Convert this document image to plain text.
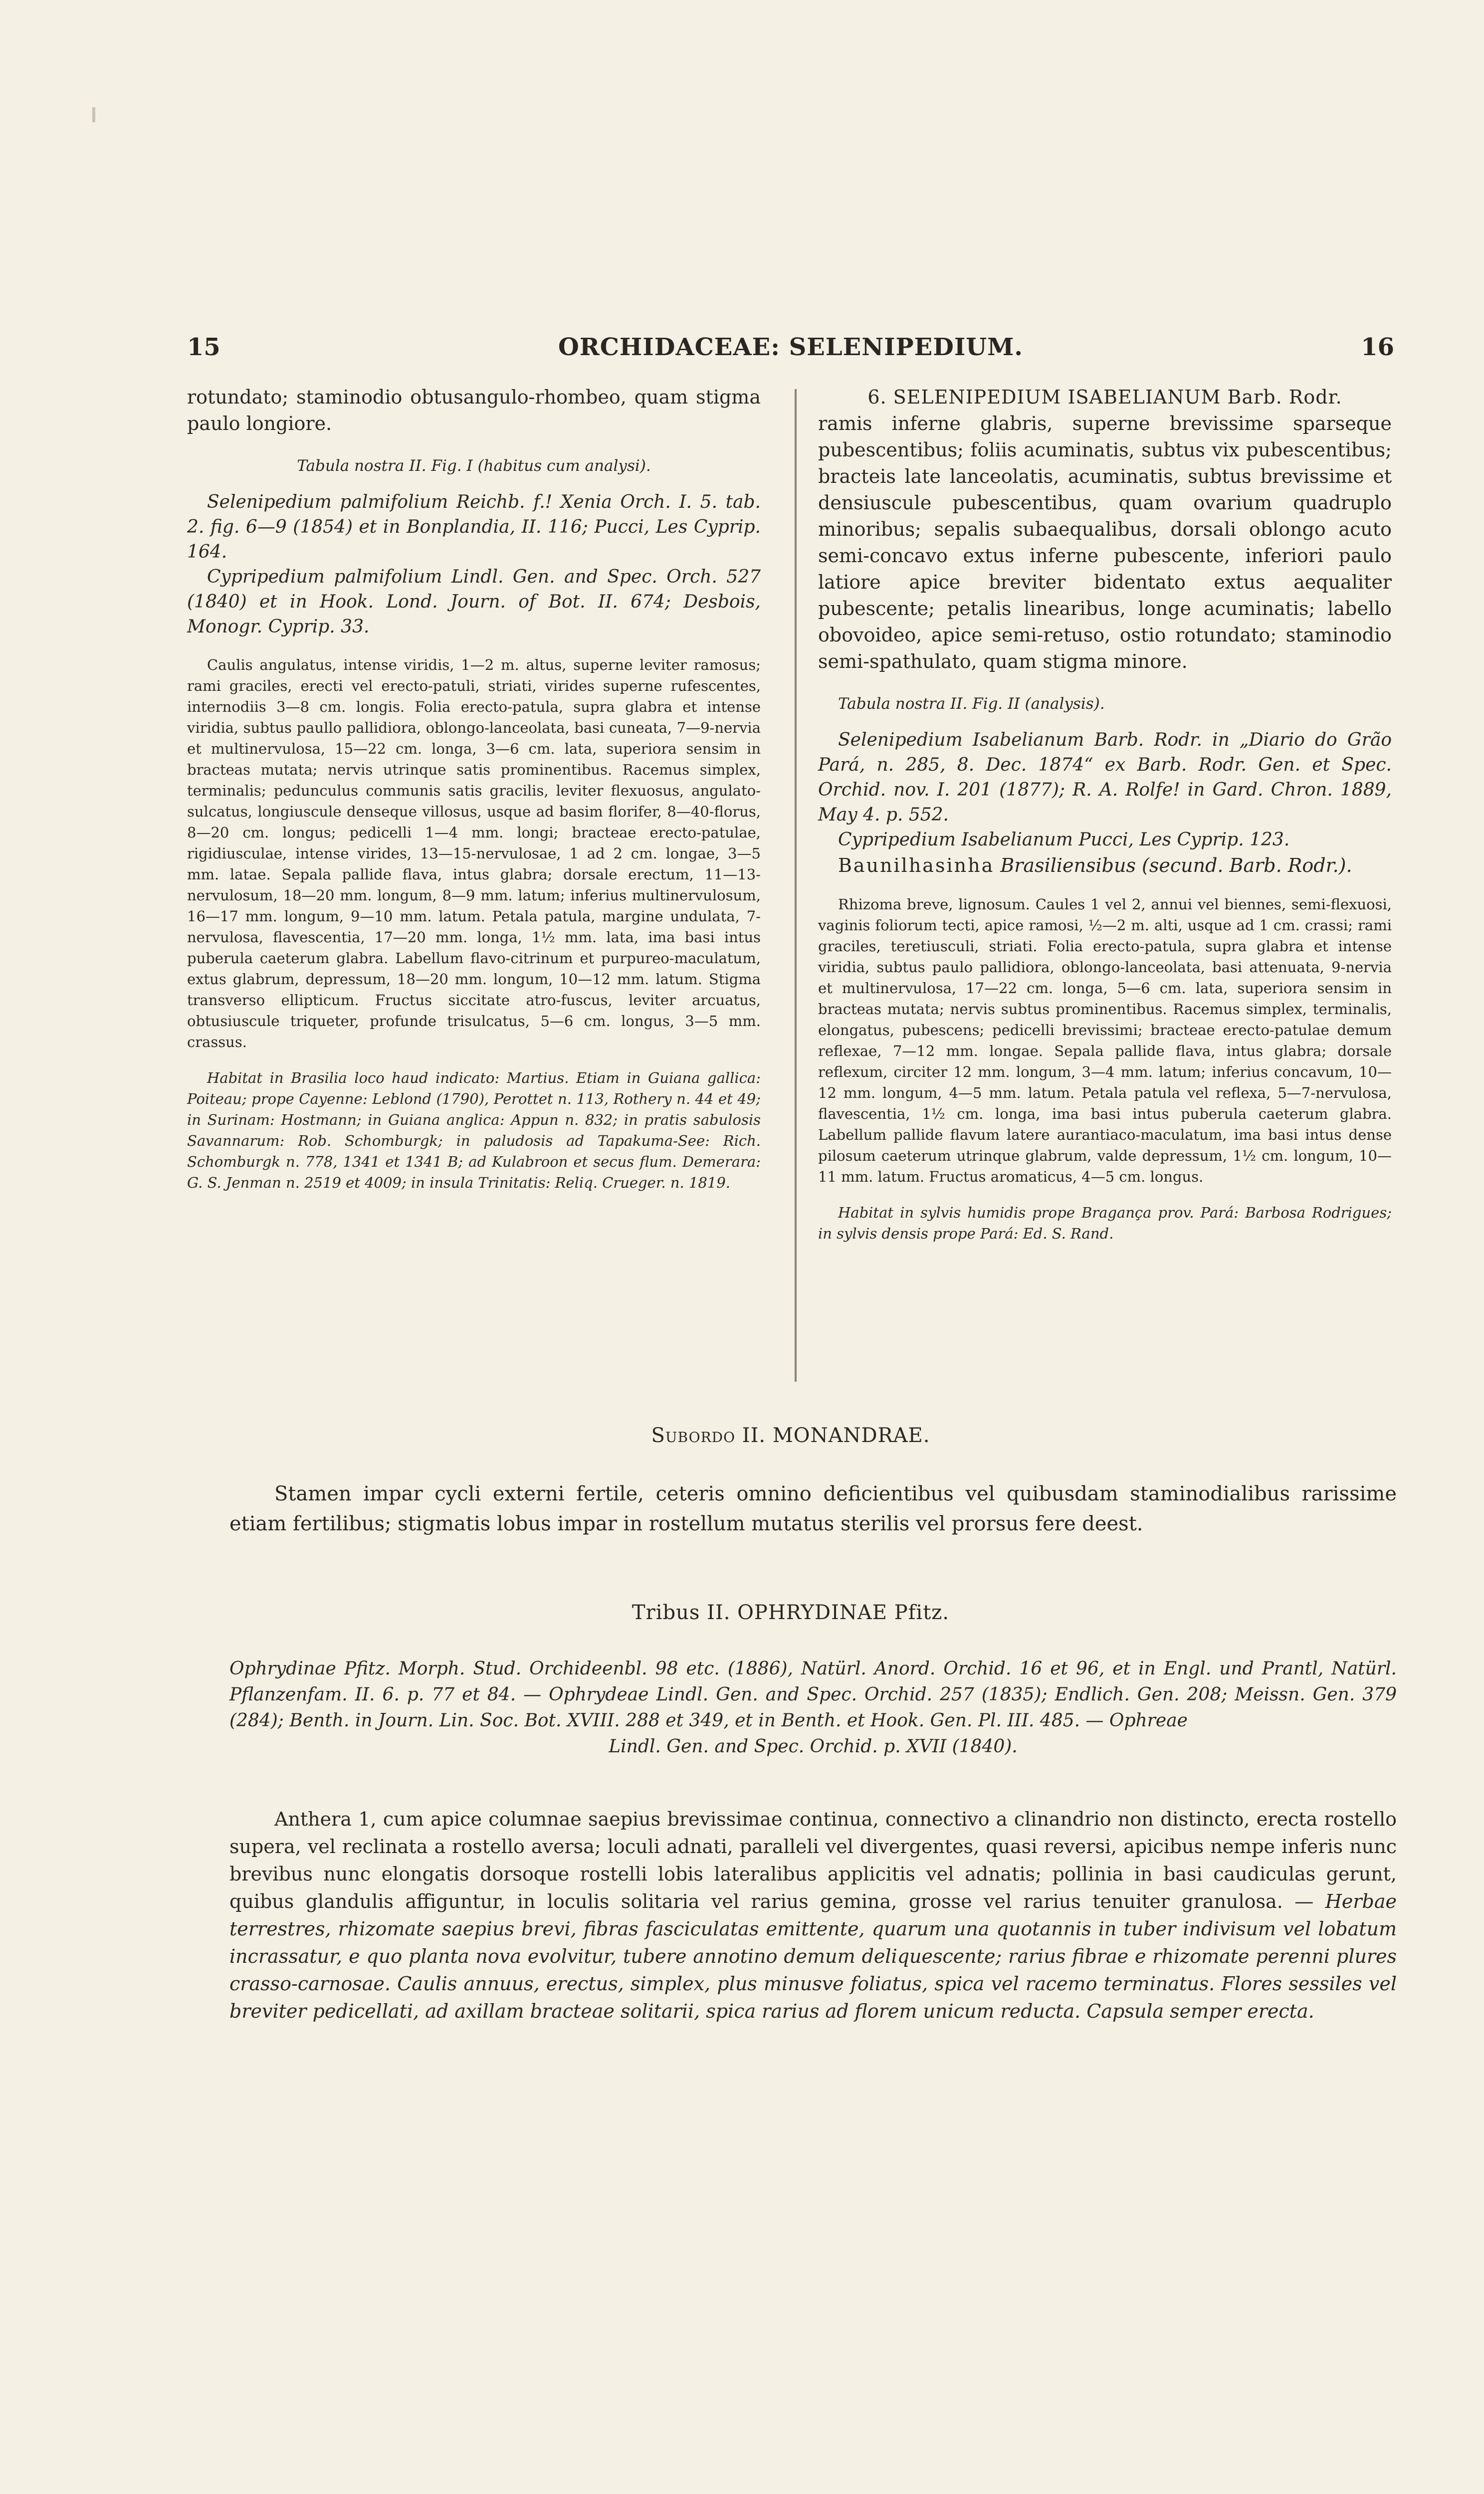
15	ORCHIDACEAE: SELENIPEDIUM.	16

rotundato; staminodio obtusangulo-rhombeo, quam stigma paulo longiore.

Tabula nostra II. Fig. I (habitus cum analysi).

Selenipedium palmifolium Reichb. f.! Xenia Orch. I. 5. tab. 2. fig. 6—9 (1854) et in Bonplandia, II. 116; Pucci, Les Cyprip. 164.

Cypripedium palmifolium Lindl. Gen. and Spec. Orch. 527 (1840) et in Hook. Lond. Journ. of Bot. II. 674; Desbois, Monogr. Cyprip. 33.

Caulis angulatus, intense viridis, 1—2 m. altus, superne leviter ramosus; rami graciles, erecti vel erecto-patuli, striati, virides superne rufescentes, internodiis 3—8 cm. longis. Folia erecto-patula, supra glabra et intense viridia, subtus paullo pallidiora, oblongo-lanceolata, basi cuneata, 7—9-nervia et multinervulosa, 15—22 cm. longa, 3—6 cm. lata, superiora sensim in bracteas mutata; nervis utrinque satis prominentibus. Racemus simplex, terminalis; pedunculus communis satis gracilis, leviter flexuosus, angulato-sulcatus, longiuscule denseque villosus, usque ad basim florifer, 8—40-florus, 8—20 cm. longus; pedicelli 1—4 mm. longi; bracteae erecto-patulae, rigidiusculae, intense virides, 13—15-nervulosae, 1 ad 2 cm. longae, 3—5 mm. latae. Sepala pallide flava, intus glabra; dorsale erectum, 11—13-nervulosum, 18—20 mm. longum, 8—9 mm. latum; inferius multinervulosum, 16—17 mm. longum, 9—10 mm. latum. Petala patula, margine undulata, 7-nervulosa, flavescentia, 17—20 mm. longa, 1½ mm. lata, ima basi intus puberula caeterum glabra. Labellum flavo-citrinum et purpureo-maculatum, extus glabrum, depressum, 18—20 mm. longum, 10—12 mm. latum. Stigma transverso ellipticum. Fructus siccitate atro-fuscus, leviter arcuatus, obtusiuscule triqueter, profunde trisulcatus, 5—6 cm. longus, 3—5 mm. crassus.

Habitat in Brasilia loco haud indicato: Martius. Etiam in Guiana gallica: Poiteau; prope Cayenne: Leblond (1790), Perottet n. 113, Rothery n. 44 et 49; in Surinam: Hostmann; in Guiana anglica: Appun n. 832; in pratis sabulosis Savannarum: Rob. Schomburgk; in paludosis ad Tapakuma-See: Rich. Schomburgk n. 778, 1341 et 1341 B; ad Kulabroon et secus flum. Demerara: G. S. Jenman n. 2519 et 4009; in insula Trinitatis: Reliq. Crueger. n. 1819.

6. SELENIPEDIUM ISABELIANUM Barb. Rodr.

ramis inferne glabris, superne brevissime sparseque pubescentibus; foliis acuminatis, subtus vix pubescentibus; bracteis late lanceolatis, acuminatis, subtus brevissime et densiuscule pubescentibus, quam ovarium quadruplo minoribus; sepalis subaequalibus, dorsali oblongo acuto semi-concavo extus inferne pubescente, inferiori paulo latiore apice breviter bidentato extus aequaliter pubescente; petalis linearibus, longe acuminatis; labello obovoideo, apice semi-retuso, ostio rotundato; staminodio semi-spathulato, quam stigma minore.

Tabula nostra II. Fig. II (analysis).

Selenipedium Isabelianum Barb. Rodr. in „Diario do Grão Pará, n. 285, 8. Dec. 1874“ ex Barb. Rodr. Gen. et Spec. Orchid. nov. I. 201 (1877); R. A. Rolfe! in Gard. Chron. 1889, May 4. p. 552.

Cypripedium Isabelianum Pucci, Les Cyprip. 123.

Baunilhasinha Brasiliensibus (secund. Barb. Rodr.).

Rhizoma breve, lignosum. Caules 1 vel 2, annui vel biennes, semi-flexuosi, vaginis foliorum tecti, apice ramosi, ½—2 m. alti, usque ad 1 cm. crassi; rami graciles, teretiusculi, striati. Folia erecto-patula, supra glabra et intense viridia, subtus paulo pallidiora, oblongo-lanceolata, basi attenuata, 9-nervia et multinervulosa, 17—22 cm. longa, 5—6 cm. lata, superiora sensim in bracteas mutata; nervis subtus prominentibus. Racemus simplex, terminalis, elongatus, pubescens; pedicelli brevissimi; bracteae erecto-patulae demum reflexae, 7—12 mm. longae. Sepala pallide flava, intus glabra; dorsale reflexum, circiter 12 mm. longum, 3—4 mm. latum; inferius concavum, 10—12 mm. longum, 4—5 mm. latum. Petala patula vel reflexa, 5—7-nervulosa, flavescentia, 1½ cm. longa, ima basi intus puberula caeterum glabra. Labellum pallide flavum latere aurantiaco-maculatum, ima basi intus dense pilosum caeterum utrinque glabrum, valde depressum, 1½ cm. longum, 10—11 mm. latum. Fructus aromaticus, 4—5 cm. longus.

Habitat in sylvis humidis prope Bragança prov. Pará: Barbosa Rodrigues; in sylvis densis prope Pará: Ed. S. Rand.

Subordo II. MONANDRAE.

Stamen impar cycli externi fertile, ceteris omnino deficientibus vel quibusdam staminodialibus rarissime etiam fertilibus; stigmatis lobus impar in rostellum mutatus sterilis vel prorsus fere deest.

Tribus II. OPHRYDINAE Pfitz.

Ophrydinae Pfitz. Morph. Stud. Orchideenbl. 98 etc. (1886), Natürl. Anord. Orchid. 16 et 96, et in Engl. und Prantl, Natürl. Pflanzenfam. II. 6. p. 77 et 84. — Ophrydeae Lindl. Gen. and Spec. Orchid. 257 (1835); Endlich. Gen. 208; Meissn. Gen. 379 (284); Benth. in Journ. Lin. Soc. Bot. XVIII. 288 et 349, et in Benth. et Hook. Gen. Pl. III. 485. — Ophreae

Lindl. Gen. and Spec. Orchid. p. XVII (1840).

Anthera 1, cum apice columnae saepius brevissimae continua, connectivo a clinandrio non distincto, erecta rostello supera, vel reclinata a rostello aversa; loculi adnati, paralleli vel divergentes, quasi reversi, apicibus nempe inferis nunc brevibus nunc elongatis dorsoque rostelli lobis lateralibus applicitis vel adnatis; pollinia in basi caudiculas gerunt, quibus glandulis affiguntur, in loculis solitaria vel rarius gemina, grosse vel rarius tenuiter granulosa. — Herbae terrestres, rhizomate saepius brevi, fibras fasciculatas emittente, quarum una quotannis in tuber indivisum vel lobatum incrassatur, e quo planta nova evolvitur, tubere annotino demum deliquescente; rarius fibrae e rhizomate perenni plures crasso-carnosae. Caulis annuus, erectus, simplex, plus minusve foliatus, spica vel racemo terminatus. Flores sessiles vel breviter pedicellati, ad axillam bracteae solitarii, spica rarius ad florem unicum reducta. Capsula semper erecta.
